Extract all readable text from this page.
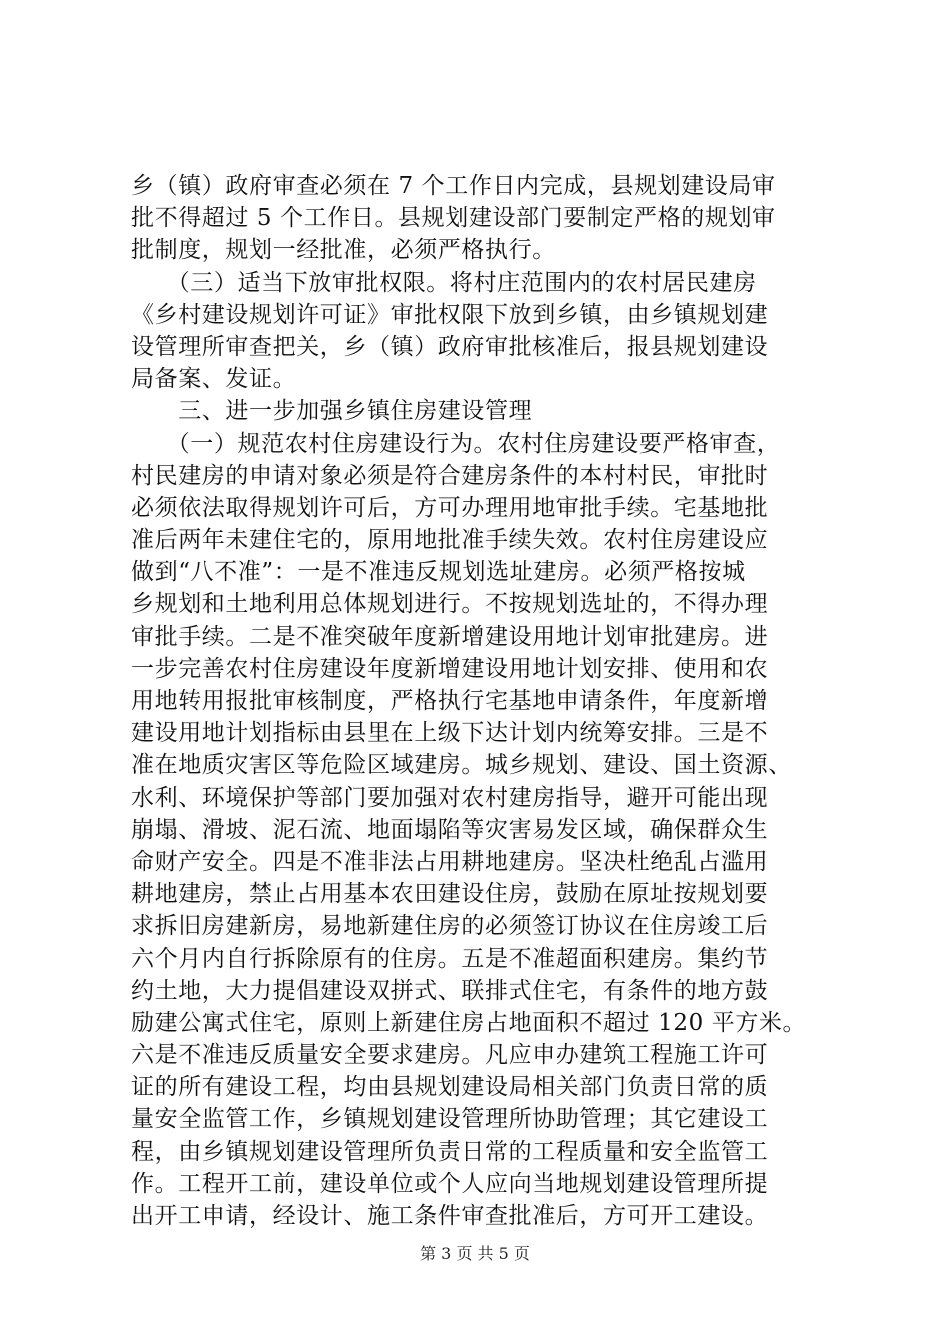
乡（镇）政府审查必须在 7 个工作日内完成，县规划建设局审
批不得超过 5 个工作日。县规划建设部门要制定严格的规划审
批制度，规划一经批准，必须严格执行。
　　（三）适当下放审批权限。将村庄范围内的农村居民建房
《乡村建设规划许可证》审批权限下放到乡镇，由乡镇规划建
设管理所审查把关，乡（镇）政府审批核准后，报县规划建设
局备案、发证。
　　三、进一步加强乡镇住房建设管理
　　（一）规范农村住房建设行为。农村住房建设要严格审查，
村民建房的申请对象必须是符合建房条件的本村村民，审批时
必须依法取得规划许可后，方可办理用地审批手续。宅基地批
准后两年未建住宅的，原用地批准手续失效。农村住房建设应
做到“八不准”：一是不准违反规划选址建房。必须严格按城
乡规划和土地利用总体规划进行。不按规划选址的，不得办理
审批手续。二是不准突破年度新增建设用地计划审批建房。进
一步完善农村住房建设年度新增建设用地计划安排、使用和农
用地转用报批审核制度，严格执行宅基地申请条件，年度新增
建设用地计划指标由县里在上级下达计划内统筹安排。三是不
准在地质灾害区等危险区域建房。城乡规划、建设、国土资源、
水利、环境保护等部门要加强对农村建房指导，避开可能出现
崩塌、滑坡、泥石流、地面塌陷等灾害易发区域，确保群众生
命财产安全。四是不准非法占用耕地建房。坚决杜绝乱占滥用
耕地建房，禁止占用基本农田建设住房，鼓励在原址按规划要
求拆旧房建新房，易地新建住房的必须签订协议在住房竣工后
六个月内自行拆除原有的住房。五是不准超面积建房。集约节
约土地，大力提倡建设双拼式、联排式住宅，有条件的地方鼓
励建公寓式住宅，原则上新建住房占地面积不超过 120 平方米。
六是不准违反质量安全要求建房。凡应申办建筑工程施工许可
证的所有建设工程，均由县规划建设局相关部门负责日常的质
量安全监管工作，乡镇规划建设管理所协助管理；其它建设工
程，由乡镇规划建设管理所负责日常的工程质量和安全监管工
作。工程开工前，建设单位或个人应向当地规划建设管理所提
出开工申请，经设计、施工条件审查批准后，方可开工建设。
第 3 页 共 5 页
